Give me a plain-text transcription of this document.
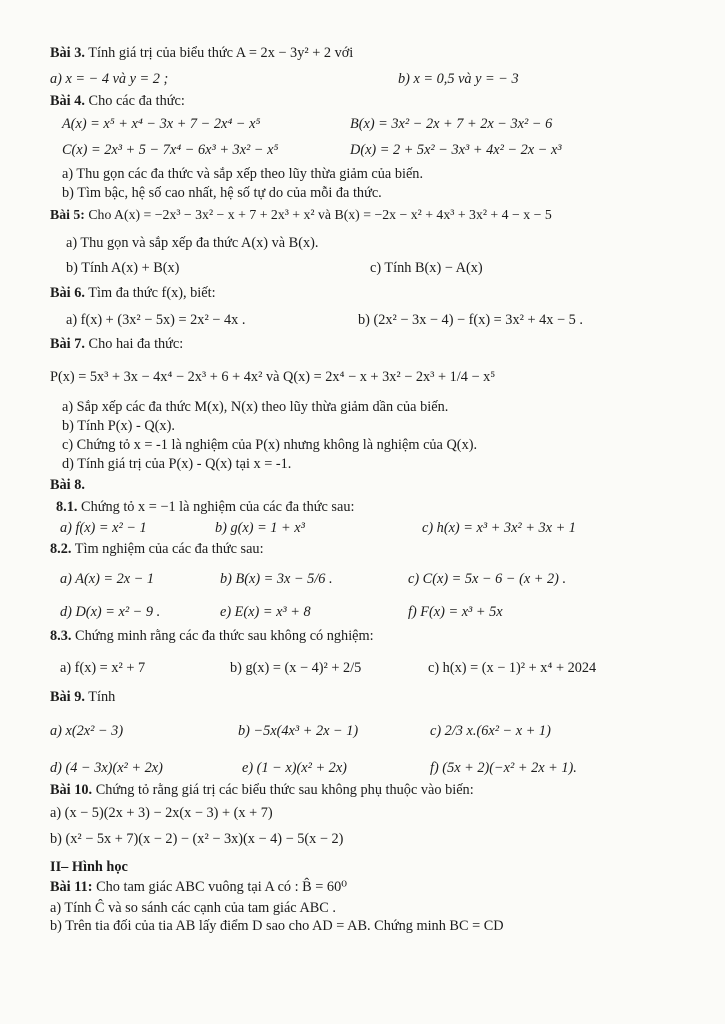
Bài 3. Tính giá trị của biểu thức A = 2x − 3y² + 2 với
a) x = − 4 và y = 2 ;	b) x = 0,5 và y = − 3
Bài 4. Cho các đa thức:
A(x) = x⁵ + x⁴ − 3x + 7 − 2x⁴ − x⁵	B(x) = 3x² − 2x + 7 + 2x − 3x² − 6
C(x) = 2x³ + 5 − 7x⁴ − 6x³ + 3x² − x⁵	D(x) = 2 + 5x² − 3x³ + 4x² − 2x − x³
a) Thu gọn các đa thức và sắp xếp theo lũy thừa giảm của biến.
b) Tìm bậc, hệ số cao nhất, hệ số tự do của mỗi đa thức.
Bài 5: Cho A(x) = −2x³ − 3x² − x + 7 + 2x³ + x² và B(x) = −2x − x² + 4x³ + 3x² + 4 − x − 5
a) Thu gọn và sắp xếp đa thức A(x) và B(x).
b) Tính A(x) + B(x)	c) Tính B(x) − A(x)
Bài 6. Tìm đa thức f(x), biết:
a) f(x) + (3x² − 5x) = 2x² − 4x .	b) (2x² − 3x − 4) − f(x) = 3x² + 4x − 5 .
Bài 7. Cho hai đa thức:
P(x) = 5x³ + 3x − 4x⁴ − 2x³ + 6 + 4x² và Q(x) = 2x⁴ − x + 3x² − 2x³ + 1/4 − x⁵
a) Sắp xếp các đa thức M(x), N(x) theo lũy thừa giảm dần của biến.
b) Tính P(x) - Q(x).
c) Chứng tỏ x = -1 là nghiệm của P(x) nhưng không là nghiệm của Q(x).
d) Tính giá trị của P(x) - Q(x) tại x = -1.
Bài 8.
8.1. Chứng tỏ x = −1 là nghiệm của các đa thức sau:
a) f(x) = x² − 1	b) g(x) = 1 + x³	c) h(x) = x³ + 3x² + 3x + 1
8.2. Tìm nghiệm của các đa thức sau:
a) A(x) = 2x − 1	b) B(x) = 3x − 5/6 .	c) C(x) = 5x − 6 − (x + 2) .
d) D(x) = x² − 9 .	e) E(x) = x³ + 8	f) F(x) = x³ + 5x
8.3. Chứng minh rằng các đa thức sau không có nghiệm:
a) f(x) = x² + 7	b) g(x) = (x − 4)² + 2/5	c) h(x) = (x − 1)² + x⁴ + 2024
Bài 9. Tính
a) x(2x² − 3)	b) −5x(4x³ + 2x − 1)	c) 2/3 x.(6x² − x + 1)
d) (4 − 3x)(x² + 2x)	e) (1 − x)(x² + 2x)	f) (5x + 2)(−x² + 2x + 1).
Bài 10. Chứng tỏ rằng giá trị các biểu thức sau không phụ thuộc vào biến:
a) (x − 5)(2x + 3) − 2x(x − 3) + (x + 7)
b) (x² − 5x + 7)(x − 2) − (x² − 3x)(x − 4) − 5(x − 2)
II– Hình học
Bài 11: Cho tam giác ABC vuông tại A có : B̂ = 60⁰
a) Tính Ĉ và so sánh các cạnh của tam giác ABC .
b) Trên tia đối của tia AB lấy điểm D sao cho AD = AB. Chứng minh BC = CD
